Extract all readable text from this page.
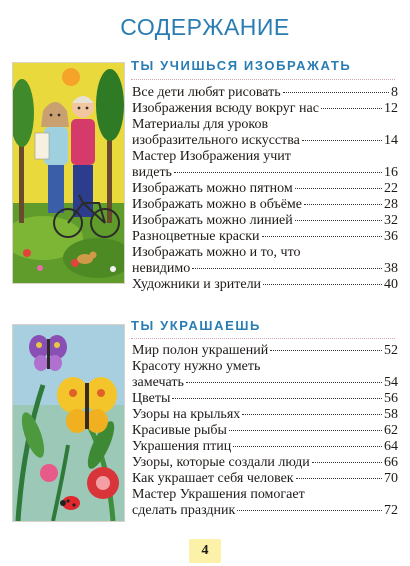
СОДЕРЖАНИЕ
ТЫ УЧИШЬСЯ ИЗОБРАЖАТЬ
Все дети любят рисовать	8
Изображения всюду вокруг нас	12
Материалы для уроков
изобразительного искусства	14
Мастер Изображения учит
видеть	16
Изображать можно пятном	22
Изображать можно в объёме	28
Изображать можно линией	32
Разноцветные краски	36
Изображать можно и то, что
невидимо	38
Художники и зрители	40
ТЫ УКРАШАЕШЬ
Мир полон украшений	52
Красоту нужно уметь
замечать	54
Цветы	56
Узоры на крыльях	58
Красивые рыбы	62
Украшения птиц	64
Узоры, которые создали люди	66
Как украшает себя человек	70
Мастер Украшения помогает
сделать праздник	72
4
